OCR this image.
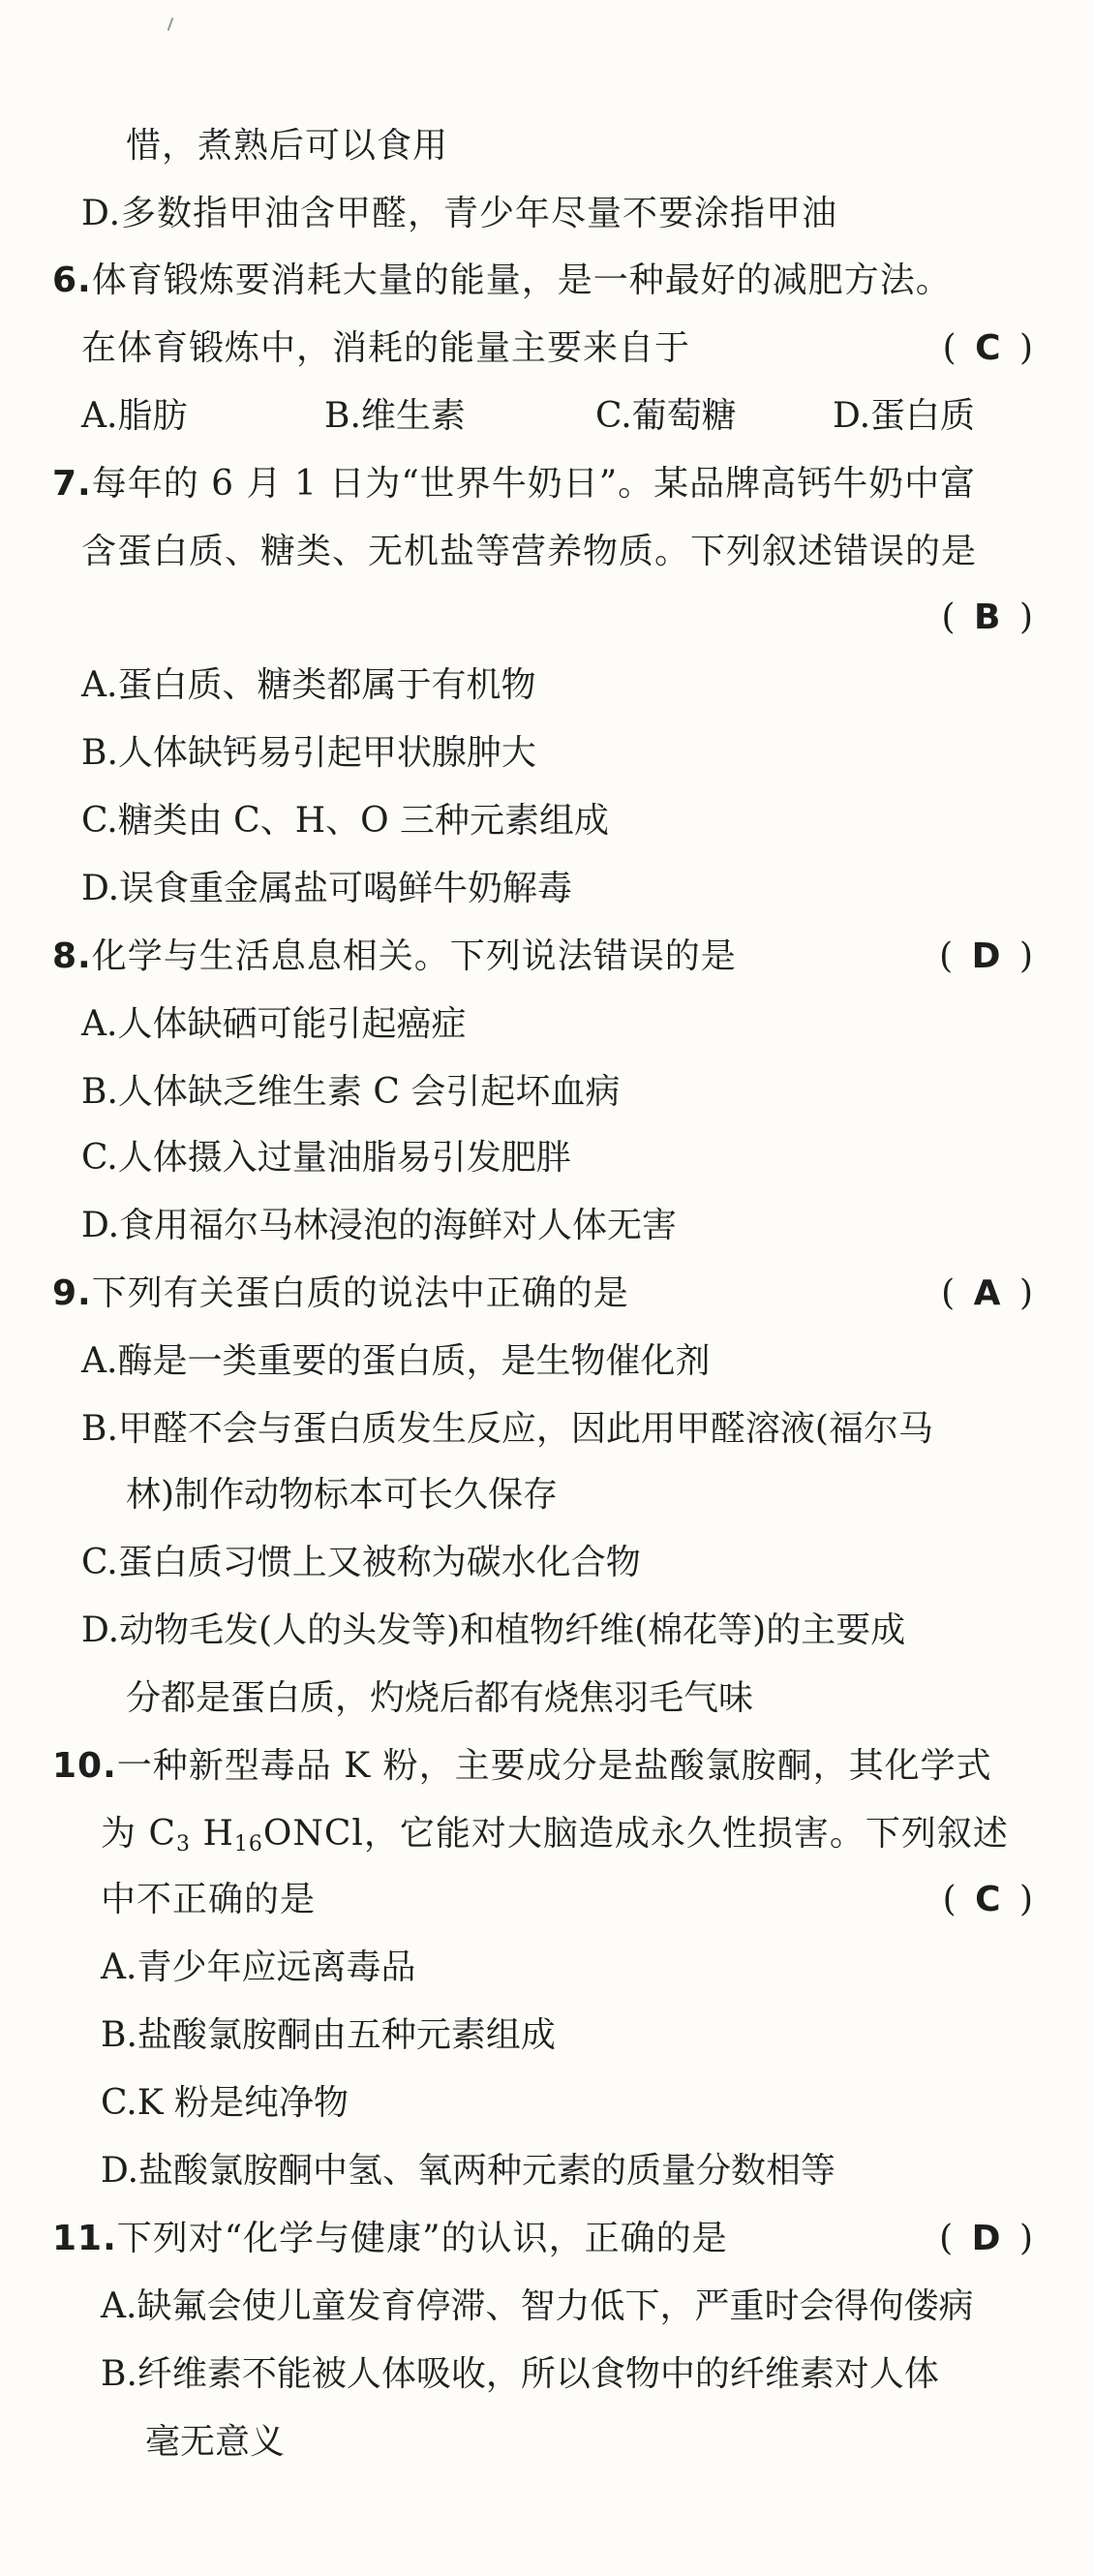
惜，煮熟后可以食用
D.多数指甲油含甲醛，青少年尽量不要涂指甲油
6.体育锻炼要消耗大量的能量，是一种最好的减肥方法。
在体育锻炼中，消耗的能量主要来自于	( C )
A.脂肪	B.维生素	C.葡萄糖	D.蛋白质
7.每年的 6 月 1 日为“世界牛奶日”。某品牌高钙牛奶中富
含蛋白质、糖类、无机盐等营养物质。下列叙述错误的是
( B )
A.蛋白质、糖类都属于有机物
B.人体缺钙易引起甲状腺肿大
C.糖类由 C、H、O 三种元素组成
D.误食重金属盐可喝鲜牛奶解毒
8.化学与生活息息相关。下列说法错误的是	( D )
A.人体缺硒可能引起癌症
B.人体缺乏维生素 C 会引起坏血病
C.人体摄入过量油脂易引发肥胖
D.食用福尔马林浸泡的海鲜对人体无害
9.下列有关蛋白质的说法中正确的是	( A )
A.酶是一类重要的蛋白质，是生物催化剂
B.甲醛不会与蛋白质发生反应，因此用甲醛溶液(福尔马
林)制作动物标本可长久保存
C.蛋白质习惯上又被称为碳水化合物
D.动物毛发(人的头发等)和植物纤维(棉花等)的主要成
分都是蛋白质，灼烧后都有烧焦羽毛气味
10.一种新型毒品 K 粉，主要成分是盐酸氯胺酮，其化学式
为 $C_3$ $H_{16}ONCl$，它能对大脑造成永久性损害。下列叙述
中不正确的是	( C )
A.青少年应远离毒品
B.盐酸氯胺酮由五种元素组成
C.K 粉是纯净物
D.盐酸氯胺酮中氢、氧两种元素的质量分数相等
11.下列对“化学与健康”的认识，正确的是	( D )
A.缺氟会使儿童发育停滞、智力低下，严重时会得佝偻病
B.纤维素不能被人体吸收，所以食物中的纤维素对人体
毫无意义
